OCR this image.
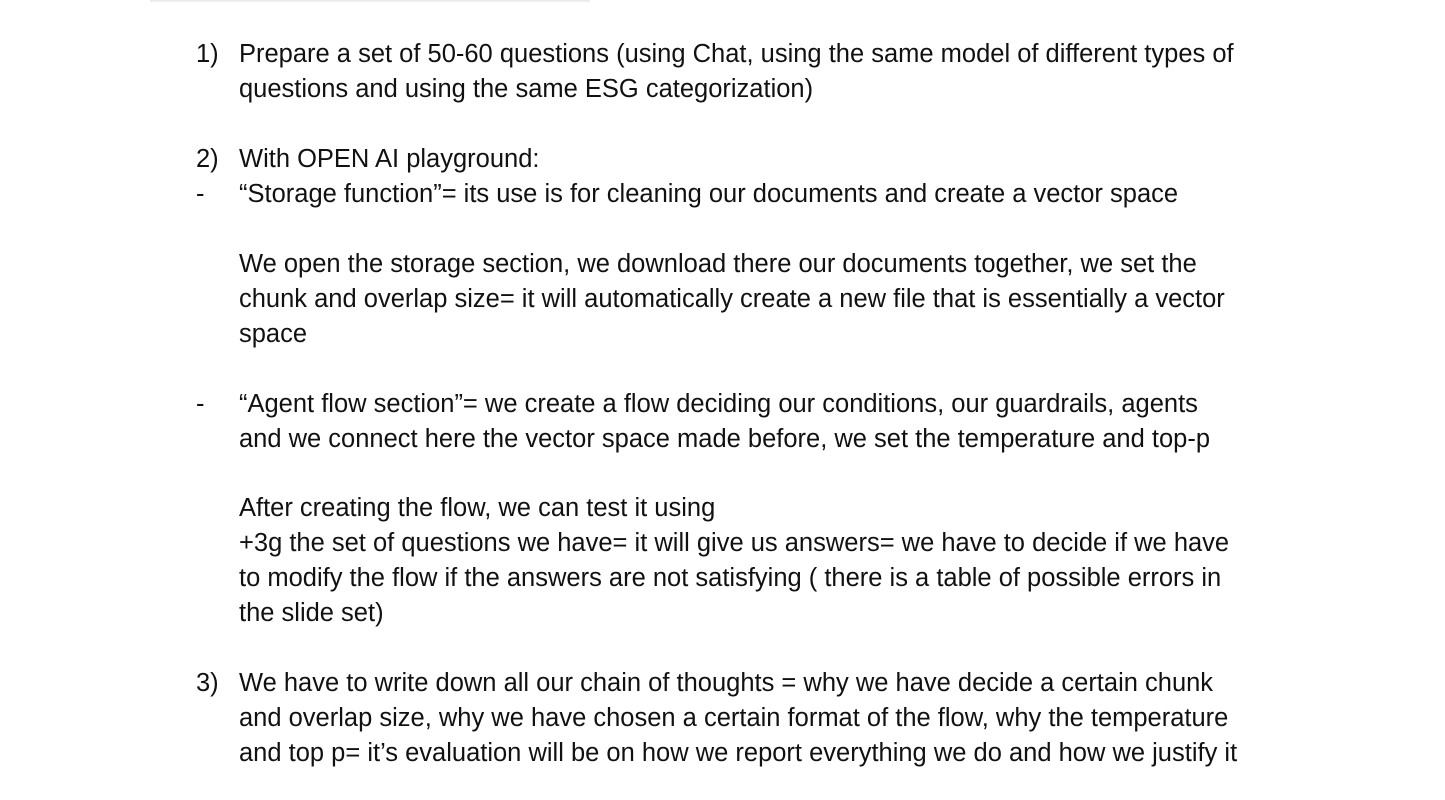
1) Prepare a set of 50-60 questions (using Chat, using the same model of different types of
questions and using the same ESG categorization)
2) With OPEN AI playground:
- “Storage function”= its use is for cleaning our documents and create a vector space
We open the storage section, we download there our documents together, we set the
chunk and overlap size= it will automatically create a new file that is essentially a vector
space
- “Agent flow section”= we create a flow deciding our conditions, our guardrails, agents
and we connect here the vector space made before, we set the temperature and top-p
After creating the flow, we can test it using
+3g the set of questions we have= it will give us answers= we have to decide if we have
to modify the flow if the answers are not satisfying ( there is a table of possible errors in
the slide set)
3) We have to write down all our chain of thoughts = why we have decide a certain chunk
and overlap size, why we have chosen a certain format of the flow, why the temperature
and top p= it’s evaluation will be on how we report everything we do and how we justify it
